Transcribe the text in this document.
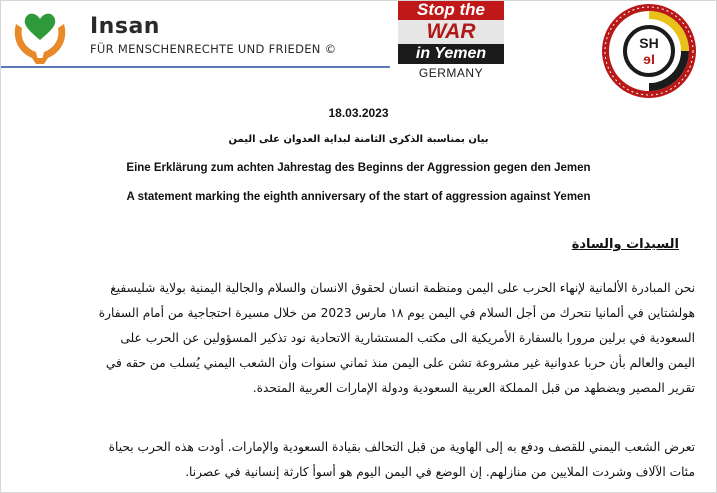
Insan
FÜR MENSCHENRECHTE UND FRIEDEN ©
Stop the
WAR
in Yemen
GERMANY
SH
ɘƖ
18.03.2023
بيان بمناسبة الذكرى الثامنة لبداية العدوان على اليمن
Eine Erklärung zum achten Jahrestag des Beginns der Aggression gegen den Jemen
A statement marking the eighth anniversary of the start of aggression against Yemen
السيدات والسادة
نحن المبادرة الألمانية لإنهاء الحرب على اليمن ومنظمة انسان لحقوق الانسان والسلام والجالية اليمنية بولاية شليسفيغ
هولشتاين في ألمانيا نتحرك من أجل السلام في اليمن يوم ١٨ مارس 2023 من خلال مسيرة احتجاجية من أمام السفارة
السعودية في برلين مرورا بالسفارة الأمريكية الى مكتب المستشارية الاتحادية نود تذكير المسؤولين عن الحرب على
اليمن والعالم بأن حربا عدوانية غير مشروعة تشن على اليمن منذ ثماني سنوات وأن الشعب اليمني يُسلب من حقه في
تقرير المصير ويضطهد من قبل المملكة العربية السعودية ودولة الإمارات العربية المتحدة.
تعرض الشعب اليمني للقصف ودفع به إلى الهاوية من قبل التحالف بقيادة السعودية والإمارات. أودت هذه الحرب بحياة
مئات الآلاف وشردت الملايين من منازلهم. إن الوضع في اليمن اليوم هو أسوأ كارثة إنسانية في عصرنا.
